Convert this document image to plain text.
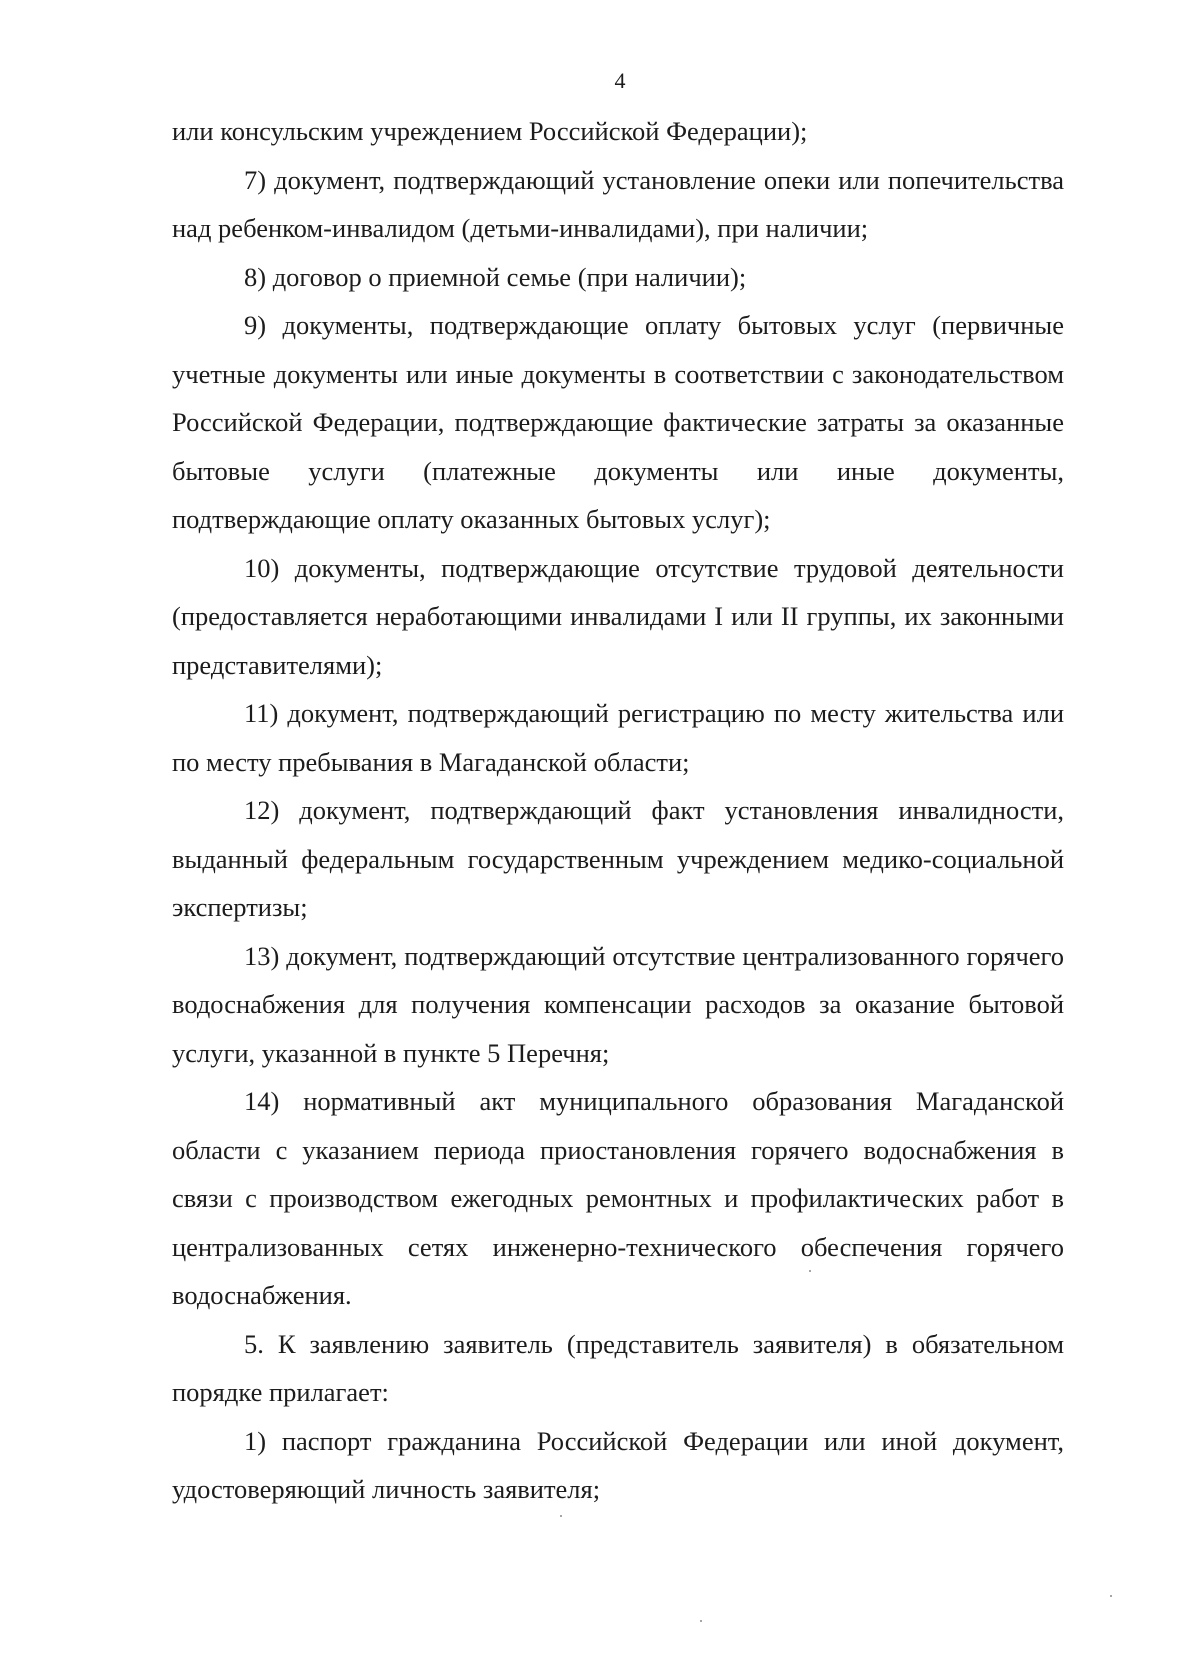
4

или консульским учреждением Российской Федерации);

7) документ, подтверждающий установление опеки или попечительства над ребенком-инвалидом (детьми-инвалидами), при наличии;

8) договор о приемной семье (при наличии);

9) документы, подтверждающие оплату бытовых услуг (первичные учетные документы или иные документы в соответствии с законодательством Российской Федерации, подтверждающие фактические затраты за оказанные бытовые услуги (платежные документы или иные документы, подтверждающие оплату оказанных бытовых услуг);

10) документы, подтверждающие отсутствие трудовой деятельности (предоставляется неработающими инвалидами I или II группы, их законными представителями);

11) документ, подтверждающий регистрацию по месту жительства или по месту пребывания в Магаданской области;

12) документ, подтверждающий факт установления инвалидности, выданный федеральным государственным учреждением медико-социальной экспертизы;

13) документ, подтверждающий отсутствие централизованного горячего водоснабжения для получения компенсации расходов за оказание бытовой услуги, указанной в пункте 5 Перечня;

14) нормативный акт муниципального образования Магаданской области с указанием периода приостановления горячего водоснабжения в связи с производством ежегодных ремонтных и профилактических работ в централизованных сетях инженерно-технического обеспечения горячего водоснабжения.

5. К заявлению заявитель (представитель заявителя) в обязательном порядке прилагает:

1) паспорт гражданина Российской Федерации или иной документ, удостоверяющий личность заявителя;
